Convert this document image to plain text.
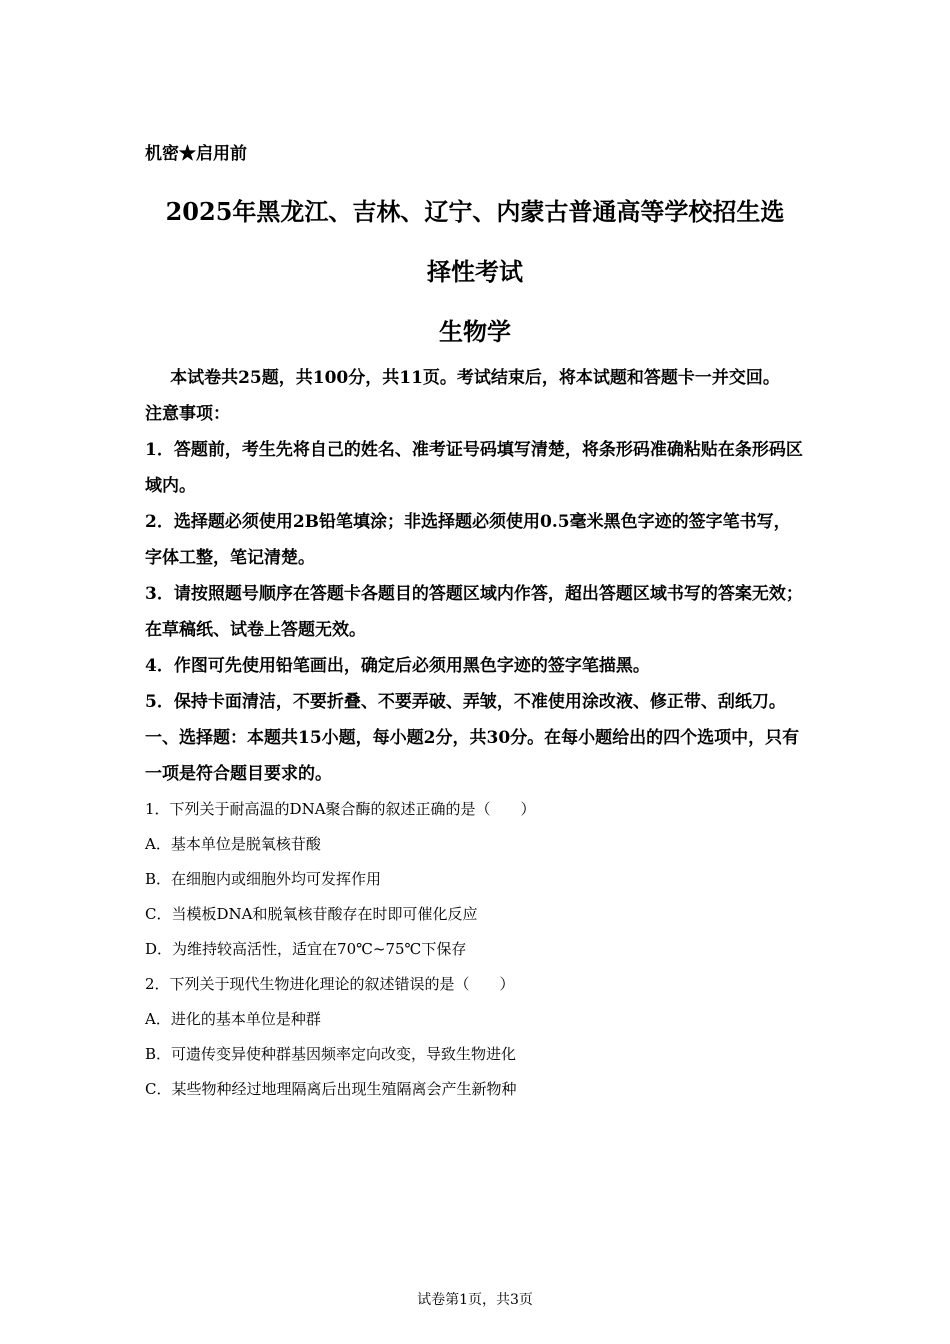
机密★启用前

2025年黑龙江、吉林、辽宁、内蒙古普通高等学校招生选
择性考试
生物学

本试卷共25题，共100分，共11页。考试结束后，将本试题和答题卡一并交回。

注意事项：

1．答题前，考生先将自己的姓名、准考证号码填写清楚，将条形码准确粘贴在条形码区域内。

2．选择题必须使用2B铅笔填涂；非选择题必须使用0.5毫米黑色字迹的签字笔书写，字体工整，笔记清楚。

3．请按照题号顺序在答题卡各题目的答题区域内作答，超出答题区域书写的答案无效；在草稿纸、试卷上答题无效。

4．作图可先使用铅笔画出，确定后必须用黑色字迹的签字笔描黑。

5．保持卡面清洁，不要折叠、不要弄破、弄皱，不准使用涂改液、修正带、刮纸刀。

一、选择题：本题共15小题，每小题2分，共30分。在每小题给出的四个选项中，只有一项是符合题目要求的。

1．下列关于耐高温的DNA聚合酶的叙述正确的是（　　）

A．基本单位是脱氧核苷酸

B．在细胞内或细胞外均可发挥作用

C．当模板DNA和脱氧核苷酸存在时即可催化反应

D．为维持较高活性，适宜在70℃~75℃下保存

2．下列关于现代生物进化理论的叙述错误的是（　　）

A．进化的基本单位是种群

B．可遗传变异使种群基因频率定向改变，导致生物进化

C．某些物种经过地理隔离后出现生殖隔离会产生新物种

试卷第1页，共3页
